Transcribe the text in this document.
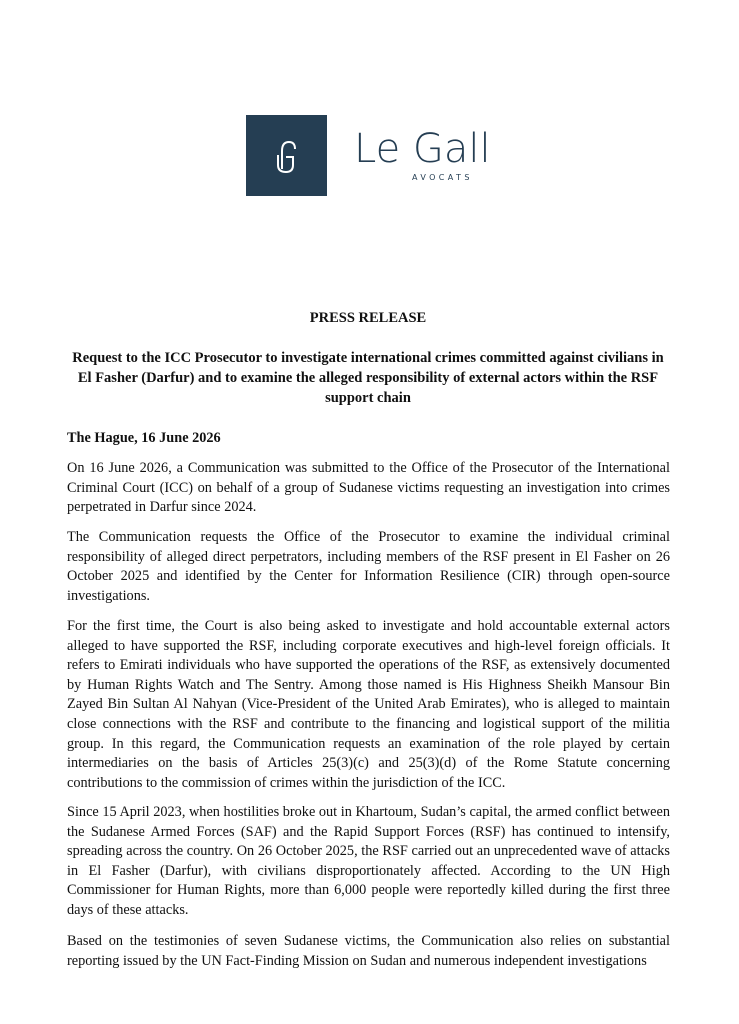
Le Gall
AVOCATS

PRESS RELEASE

Request to the ICC Prosecutor to investigate international crimes committed against civilians in El Fasher (Darfur) and to examine the alleged responsibility of external actors within the RSF support chain

The Hague, 16 June 2026

On 16 June 2026, a Communication was submitted to the Office of the Prosecutor of the International Criminal Court (ICC) on behalf of a group of Sudanese victims requesting an investigation into crimes perpetrated in Darfur since 2024.

The Communication requests the Office of the Prosecutor to examine the individual criminal responsibility of alleged direct perpetrators, including members of the RSF present in El Fasher on 26 October 2025 and identified by the Center for Information Resilience (CIR) through open-source investigations.

For the first time, the Court is also being asked to investigate and hold accountable external actors alleged to have supported the RSF, including corporate executives and high-level foreign officials. It refers to Emirati individuals who have supported the operations of the RSF, as extensively documented by Human Rights Watch and The Sentry. Among those named is His Highness Sheikh Mansour Bin Zayed Bin Sultan Al Nahyan (Vice-President of the United Arab Emirates), who is alleged to maintain close connections with the RSF and contribute to the financing and logistical support of the militia group. In this regard, the Communication requests an examination of the role played by certain intermediaries on the basis of Articles 25(3)(c) and 25(3)(d) of the Rome Statute concerning contributions to the commission of crimes within the jurisdiction of the ICC.

Since 15 April 2023, when hostilities broke out in Khartoum, Sudan’s capital, the armed conflict between the Sudanese Armed Forces (SAF) and the Rapid Support Forces (RSF) has continued to intensify, spreading across the country. On 26 October 2025, the RSF carried out an unprecedented wave of attacks in El Fasher (Darfur), with civilians disproportionately affected. According to the UN High Commissioner for Human Rights, more than 6,000 people were reportedly killed during the first three days of these attacks.

Based on the testimonies of seven Sudanese victims, the Communication also relies on substantial reporting issued by the UN Fact-Finding Mission on Sudan and numerous independent investigations
